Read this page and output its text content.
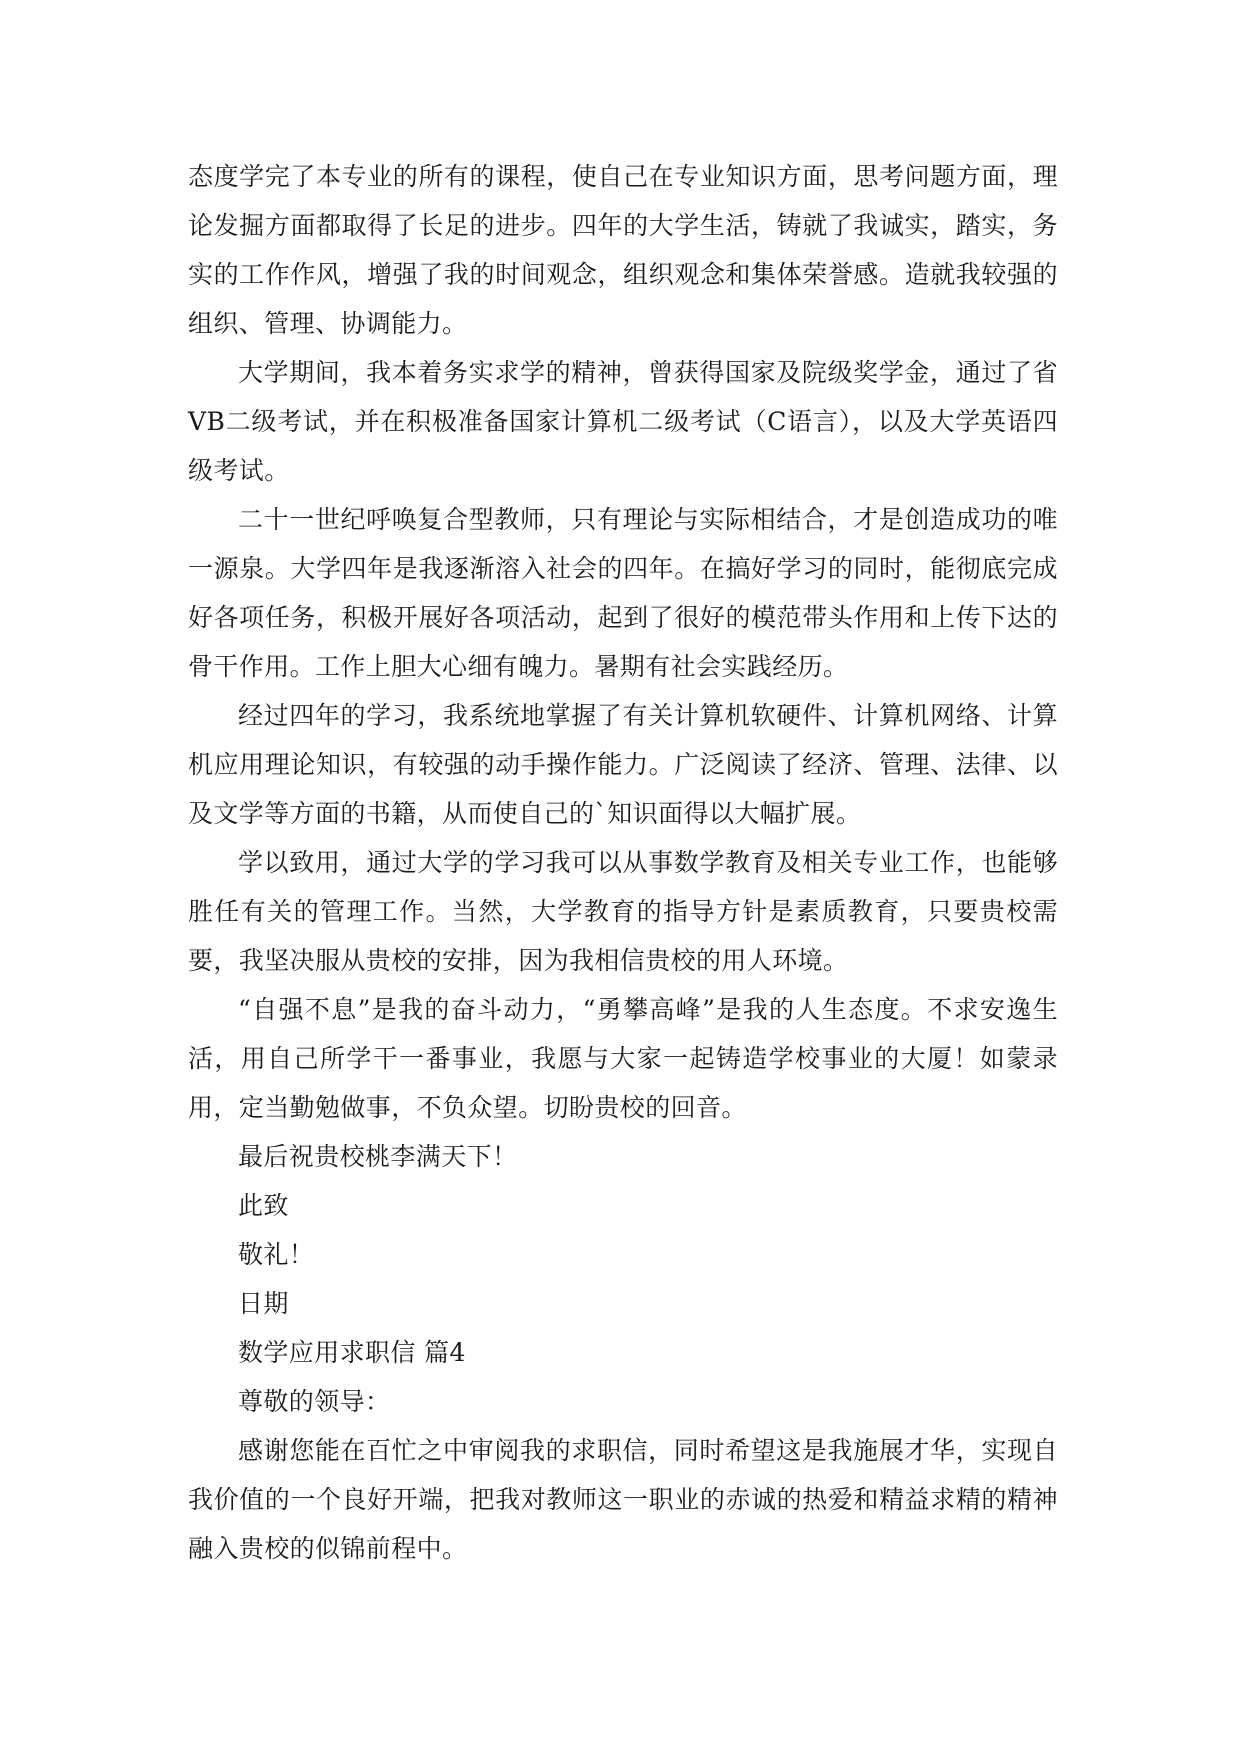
态度学完了本专业的所有的课程，使自己在专业知识方面，思考问题方面，理论发掘方面都取得了长足的进步。四年的大学生活，铸就了我诚实，踏实，务实的工作作风，增强了我的时间观念，组织观念和集体荣誉感。造就我较强的组织、管理、协调能力。

大学期间，我本着务实求学的精神，曾获得国家及院级奖学金，通过了省VB二级考试，并在积极准备国家计算机二级考试（C语言），以及大学英语四级考试。

二十一世纪呼唤复合型教师，只有理论与实际相结合，才是创造成功的唯一源泉。大学四年是我逐渐溶入社会的四年。在搞好学习的同时，能彻底完成好各项任务，积极开展好各项活动，起到了很好的模范带头作用和上传下达的骨干作用。工作上胆大心细有魄力。暑期有社会实践经历。

经过四年的学习，我系统地掌握了有关计算机软硬件、计算机网络、计算机应用理论知识，有较强的动手操作能力。广泛阅读了经济、管理、法律、以及文学等方面的书籍，从而使自己的`知识面得以大幅扩展。

学以致用，通过大学的学习我可以从事数学教育及相关专业工作，也能够胜任有关的管理工作。当然，大学教育的指导方针是素质教育，只要贵校需要，我坚决服从贵校的安排，因为我相信贵校的用人环境。

“自强不息”是我的奋斗动力，“勇攀高峰”是我的人生态度。不求安逸生活，用自己所学干一番事业，我愿与大家一起铸造学校事业的大厦！如蒙录用，定当勤勉做事，不负众望。切盼贵校的回音。

最后祝贵校桃李满天下！

此致

敬礼！

日期

数学应用求职信 篇4

尊敬的领导：

感谢您能在百忙之中审阅我的求职信，同时希望这是我施展才华，实现自我价值的一个良好开端，把我对教师这一职业的赤诚的热爱和精益求精的精神融入贵校的似锦前程中。
